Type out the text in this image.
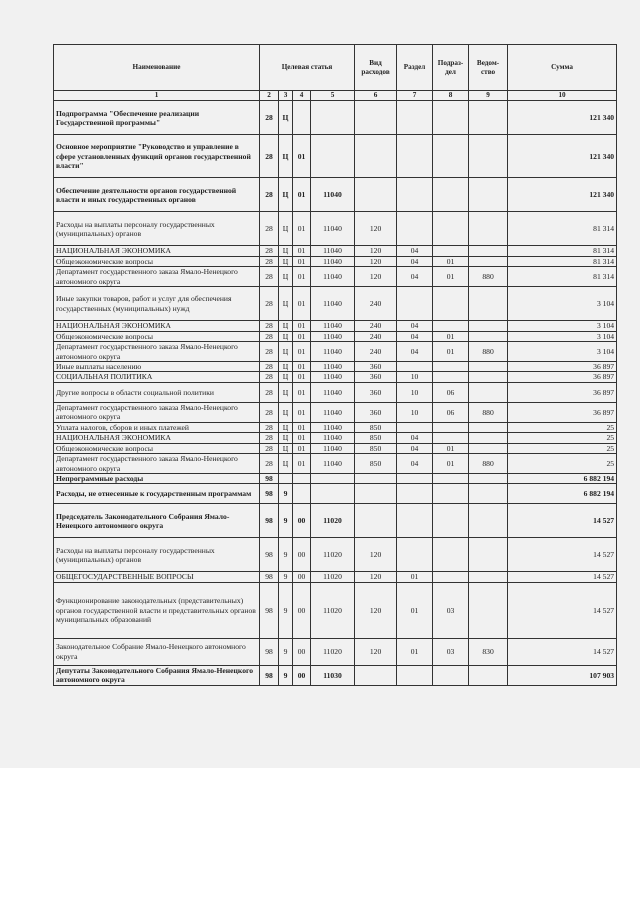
Наименование	Целевая статья				Вид расходов	Раздел	Подраз-дел	Ведом-ство	Сумма
1	2	3	4	5	6	7	8	9	10
Подпрограмма "Обеспечение реализации Государственной программы"	28	Ц							121 340
Основное мероприятие "Руководство и управление в сфере установленных функций органов государственной власти"	28	Ц	01						121 340
Обеспечение деятельности органов государственной власти и иных государственных органов	28	Ц	01	11040					121 340
Расходы на выплаты персоналу государственных (муниципальных) органов	28	Ц	01	11040	120				81 314
НАЦИОНАЛЬНАЯ ЭКОНОМИКА	28	Ц	01	11040	120	04			81 314
Общеэкономические вопросы	28	Ц	01	11040	120	04	01		81 314
Департамент государственного заказа Ямало-Ненецкого автономного округа	28	Ц	01	11040	120	04	01	880	81 314
Иные закупки товаров, работ и услуг для обеспечения государственных (муниципальных) нужд	28	Ц	01	11040	240				3 104
НАЦИОНАЛЬНАЯ ЭКОНОМИКА	28	Ц	01	11040	240	04			3 104
Общеэкономические вопросы	28	Ц	01	11040	240	04	01		3 104
Департамент государственного заказа Ямало-Ненецкого автономного округа	28	Ц	01	11040	240	04	01	880	3 104
Иные выплаты населению	28	Ц	01	11040	360				36 897
СОЦИАЛЬНАЯ ПОЛИТИКА	28	Ц	01	11040	360	10			36 897
Другие вопросы в области социальной политики	28	Ц	01	11040	360	10	06		36 897
Департамент государственного заказа Ямало-Ненецкого автономного округа	28	Ц	01	11040	360	10	06	880	36 897
Уплата налогов, сборов и иных платежей	28	Ц	01	11040	850				25
НАЦИОНАЛЬНАЯ ЭКОНОМИКА	28	Ц	01	11040	850	04			25
Общеэкономические вопросы	28	Ц	01	11040	850	04	01		25
Департамент государственного заказа Ямало-Ненецкого автономного округа	28	Ц	01	11040	850	04	01	880	25
Непрограммные расходы	98								6 882 194
Расходы, не отнесенные к государственным программам	98	9							6 882 194
Председатель Законодательного Собрания Ямало-Ненецкого автономного округа	98	9	00	11020					14 527
Расходы на выплаты персоналу государственных (муниципальных) органов	98	9	00	11020	120				14 527
ОБЩЕГОСУДАРСТВЕННЫЕ ВОПРОСЫ	98	9	00	11020	120	01			14 527
Функционирование законодательных (представительных) органов государственной власти и представительных органов муниципальных образований	98	9	00	11020	120	01	03		14 527
Законодательное Собрание Ямало-Ненецкого автономного округа	98	9	00	11020	120	01	03	830	14 527
Депутаты Законодательного Собрания Ямало-Ненецкого автономного округа	98	9	00	11030					107 903
